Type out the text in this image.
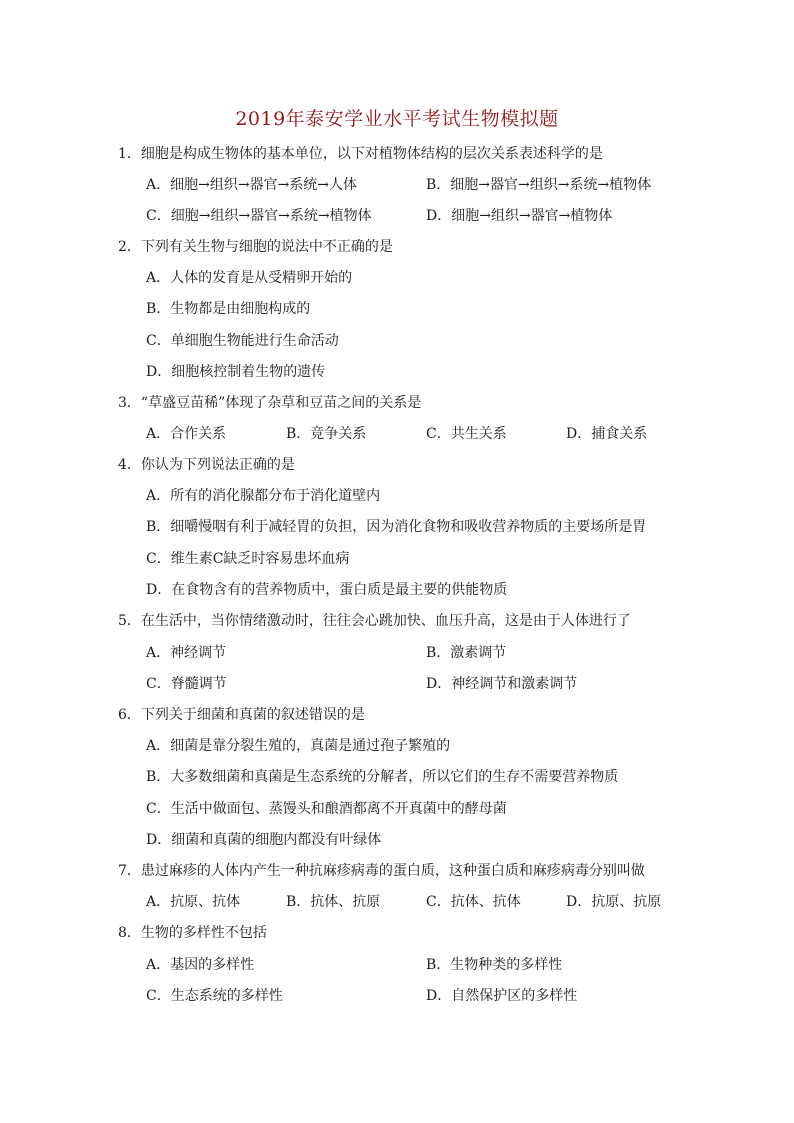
2019年泰安学业水平考试生物模拟题
1．细胞是构成生物体的基本单位，以下对植物体结构的层次关系表述科学的是
A．细胞→组织→器官→系统→人体	B．细胞→器官→组织→系统→植物体
C．细胞→组织→器官→系统→植物体	D．细胞→组织→器官→植物体
2．下列有关生物与细胞的说法中不正确的是
A．人体的发育是从受精卵开始的
B．生物都是由细胞构成的
C．单细胞生物能进行生命活动
D．细胞核控制着生物的遗传
3．“草盛豆苗稀”体现了杂草和豆苗之间的关系是
A．合作关系	B．竞争关系	C．共生关系	D．捕食关系
4．你认为下列说法正确的是
A．所有的消化腺都分布于消化道壁内
B．细嚼慢咽有利于减轻胃的负担，因为消化食物和吸收营养物质的主要场所是胃
C．维生素C缺乏时容易患坏血病
D．在食物含有的营养物质中，蛋白质是最主要的供能物质
5．在生活中，当你情绪激动时，往往会心跳加快、血压升高，这是由于人体进行了
A．神经调节	B．激素调节
C．脊髓调节	D．神经调节和激素调节
6．下列关于细菌和真菌的叙述错误的是
A．细菌是靠分裂生殖的，真菌是通过孢子繁殖的
B．大多数细菌和真菌是生态系统的分解者，所以它们的生存不需要营养物质
C．生活中做面包、蒸馒头和酿酒都离不开真菌中的酵母菌
D．细菌和真菌的细胞内都没有叶绿体
7．患过麻疹的人体内产生一种抗麻疹病毒的蛋白质，这种蛋白质和麻疹病毒分别叫做
A．抗原、抗体	B．抗体、抗原	C．抗体、抗体	D．抗原、抗原
8．生物的多样性不包括
A．基因的多样性	B．生物种类的多样性
C．生态系统的多样性	D．自然保护区的多样性
